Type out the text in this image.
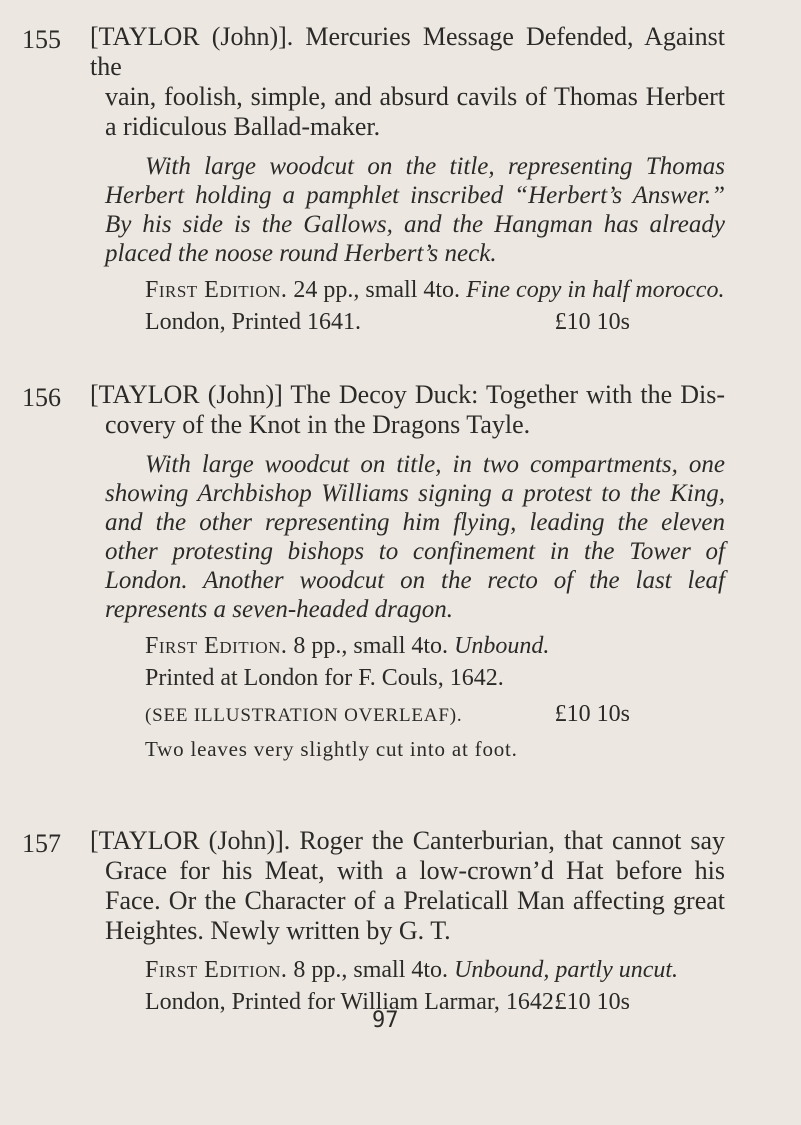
155 [TAYLOR (John)]. Mercuries Message Defended, Against the
vain, foolish, simple, and absurd cavils of Thomas Herbert a ridiculous Ballad-maker.
With large woodcut on the title, representing Thomas Herbert holding a pamphlet inscribed “Herbert’s Answer.” By his side is the Gallows, and the Hangman has already placed the noose round Herbert’s neck.
First Edition. 24 pp., small 4to. Fine copy in half morocco.
London, Printed 1641.	£10 10s
156 [TAYLOR (John)] The Decoy Duck: Together with the Dis-
covery of the Knot in the Dragons Tayle.
With large woodcut on title, in two compartments, one showing Archbishop Williams signing a protest to the King, and the other representing him flying, leading the eleven other protesting bishops to confinement in the Tower of London. Another woodcut on the recto of the last leaf represents a seven-headed dragon.
First Edition. 8 pp., small 4to. Unbound.
Printed at London for F. Couls, 1642.
(SEE ILLUSTRATION OVERLEAF).	£10 10s
Two leaves very slightly cut into at foot.
157 [TAYLOR (John)]. Roger the Canterburian, that cannot say
Grace for his Meat, with a low-crown’d Hat before his Face. Or the Character of a Prelaticall Man affecting great Heightes. Newly written by G. T.
First Edition. 8 pp., small 4to. Unbound, partly uncut.
London, Printed for William Larmar, 1642.
£10 10s
97
